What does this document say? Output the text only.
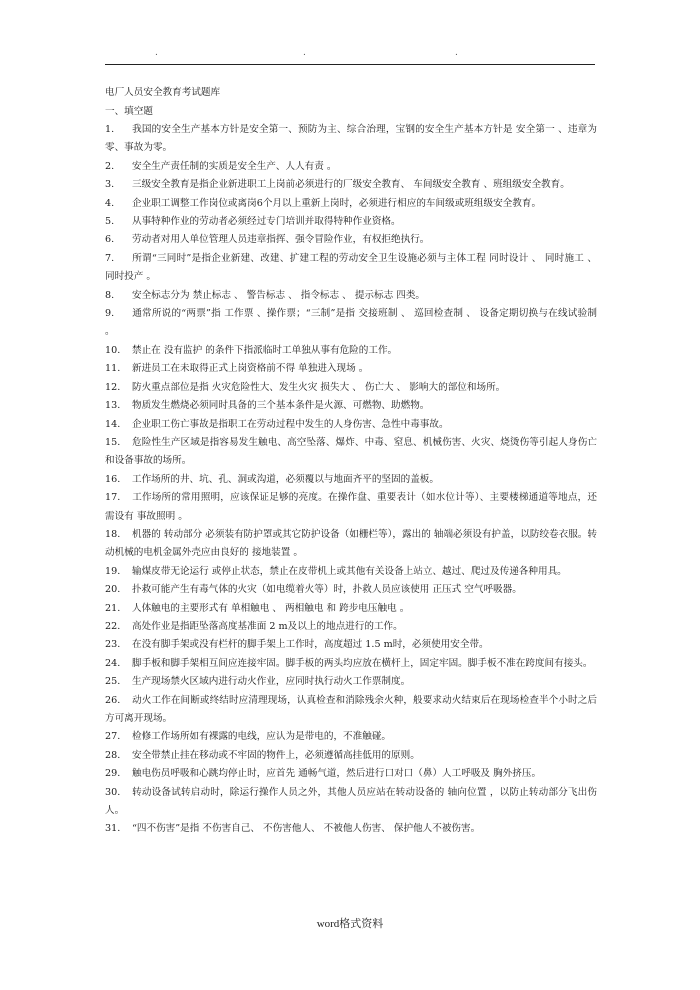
.	.	.
电厂人员安全教育考试题库
一、填空题
1. 我国的安全生产基本方针是安全第一、预防为主、综合治理，宝钢的安全生产基本方针是 安全第一 、违章为零、事故为零。
2. 安全生产责任制的实质是安全生产、人人有责 。
3. 三级安全教育是指企业新进职工上岗前必须进行的厂级安全教育、 车间级安全教育 、班组级安全教育。
4. 企业职工调整工作岗位或离岗6个月以上重新上岗时，必须进行相应的车间级或班组级安全教育。
5. 从事特种作业的劳动者必须经过专门培训并取得特种作业资格。
6. 劳动者对用人单位管理人员违章指挥、强令冒险作业，有权拒绝执行。
7. 所谓“三同时”是指企业新建、改建、扩建工程的劳动安全卫生设施必须与主体工程 同时设计 、 同时施工 、 同时投产 。
8. 安全标志分为 禁止标志 、 警告标志 、 指令标志 、 提示标志 四类。
9. 通常所说的“两票”指 工作票 、操作票；“三制”是指 交接班制 、 巡回检查制 、 设备定期切换与在线试验制 。
10. 禁止在 没有监护 的条件下指派临时工单独从事有危险的工作。
11. 新进员工在未取得正式上岗资格前不得 单独进入现场 。
12. 防火重点部位是指 火灾危险性大、发生火灾 损失大 、 伤亡大 、 影响大的部位和场所。
13. 物质发生燃烧必须同时具备的三个基本条件是火源、可燃物、助燃物。
14. 企业职工伤亡事故是指职工在劳动过程中发生的人身伤害、急性中毒事故。
15. 危险性生产区域是指容易发生触电、高空坠落、爆炸、中毒、窒息、机械伤害、火灾、烧烫伤等引起人身伤亡和设备事故的场所。
16. 工作场所的井、坑、孔、洞或沟道，必须覆以与地面齐平的坚固的盖板。
17. 工作场所的常用照明，应该保证足够的亮度。在操作盘、重要表计（如水位计等）、主要楼梯通道等地点，还需设有 事故照明 。
18. 机器的 转动部分 必须装有防护罩或其它防护设备（如栅栏等），露出的 轴端必须设有护盖，以防绞卷衣服。转动机械的电机金属外壳应由良好的 接地装置 。
19. 输煤皮带无论运行 或停止状态，禁止在皮带机上或其他有关设备上站立、越过、爬过及传递各种用具。
20. 扑救可能产生有毒气体的火灾（如电缆着火等）时，扑救人员应该使用 正压式 空气呼吸器。
21. 人体触电的主要形式有 单相触电 、 两相触电 和 跨步电压触电 。
22. 高处作业是指距坠落高度基准面 2 m及以上的地点进行的工作。
23. 在没有脚手架或没有栏杆的脚手架上工作时，高度超过 1.5 m时，必须使用安全带。
24. 脚手板和脚手架相互间应连接牢固。脚手板的两头均应放在横杆上，固定牢固。脚手板不准在跨度间有接头。
25. 生产现场禁火区域内进行动火作业，应同时执行动火工作票制度。
26. 动火工作在间断或终结时应清理现场，认真检查和消除残余火种，般要求动火结束后在现场检查半个小时之后方可离开现场。
27. 检修工作场所如有裸露的电线，应认为是带电的，不准触碰。
28. 安全带禁止挂在移动或不牢固的物件上，必须遵循高挂低用的原则。
29. 触电伤员呼吸和心跳均停止时，应首先 通畅气道，然后进行口对口（鼻）人工呼吸及 胸外挤压。
30. 转动设备试转启动时，除运行操作人员之外，其他人员应站在转动设备的 轴向位置 ，以防止转动部分飞出伤人。
31. “四不伤害”是指 不伤害自己、 不伤害他人、 不被他人伤害、 保护他人不被伤害。
word格式资料
